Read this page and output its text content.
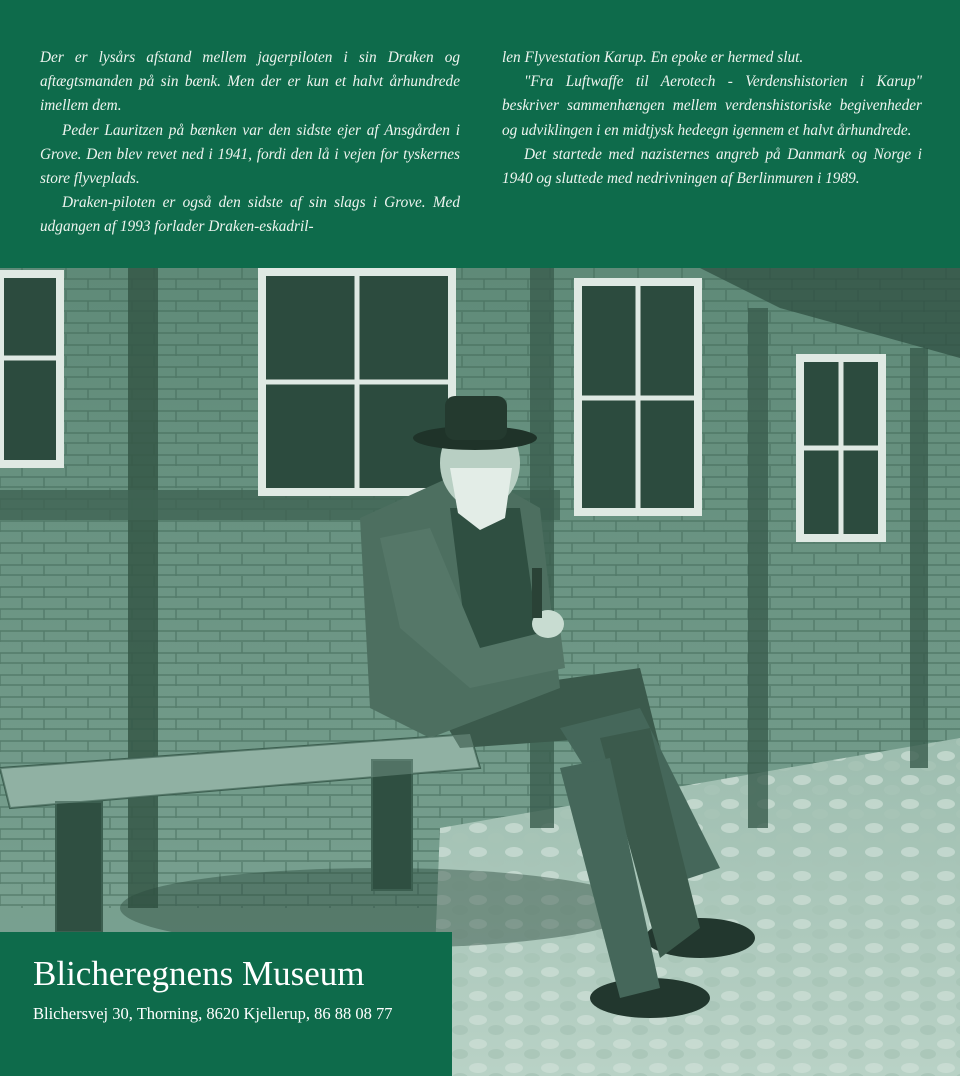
Der er lysårs afstand mellem jagerpiloten i sin Draken og aftægtsmanden på sin bænk. Men der er kun et halvt århundrede imellem dem.

Peder Lauritzen på bænken var den sidste ejer af Ansgården i Grove. Den blev revet ned i 1941, fordi den lå i vejen for tyskernes store flyveplads.

Draken-piloten er også den sidste af sin slags i Grove. Med udgangen af 1993 forlader Draken-eskadril-

len Flyvestation Karup. En epoke er hermed slut.

"Fra Luftwaffe til Aerotech - Verdenshistorien i Karup" beskriver sammenhængen mellem verdenshistoriske begivenheder og udviklingen i en midtjysk hedeegn igennem et halvt århundrede.

Det startede med nazisternes angreb på Danmark og Norge i 1940 og sluttede med nedrivningen af Berlinmuren i 1989.

Blicheregnens Museum
Blichersvej 30, Thorning, 8620 Kjellerup, 86 88 08 77
